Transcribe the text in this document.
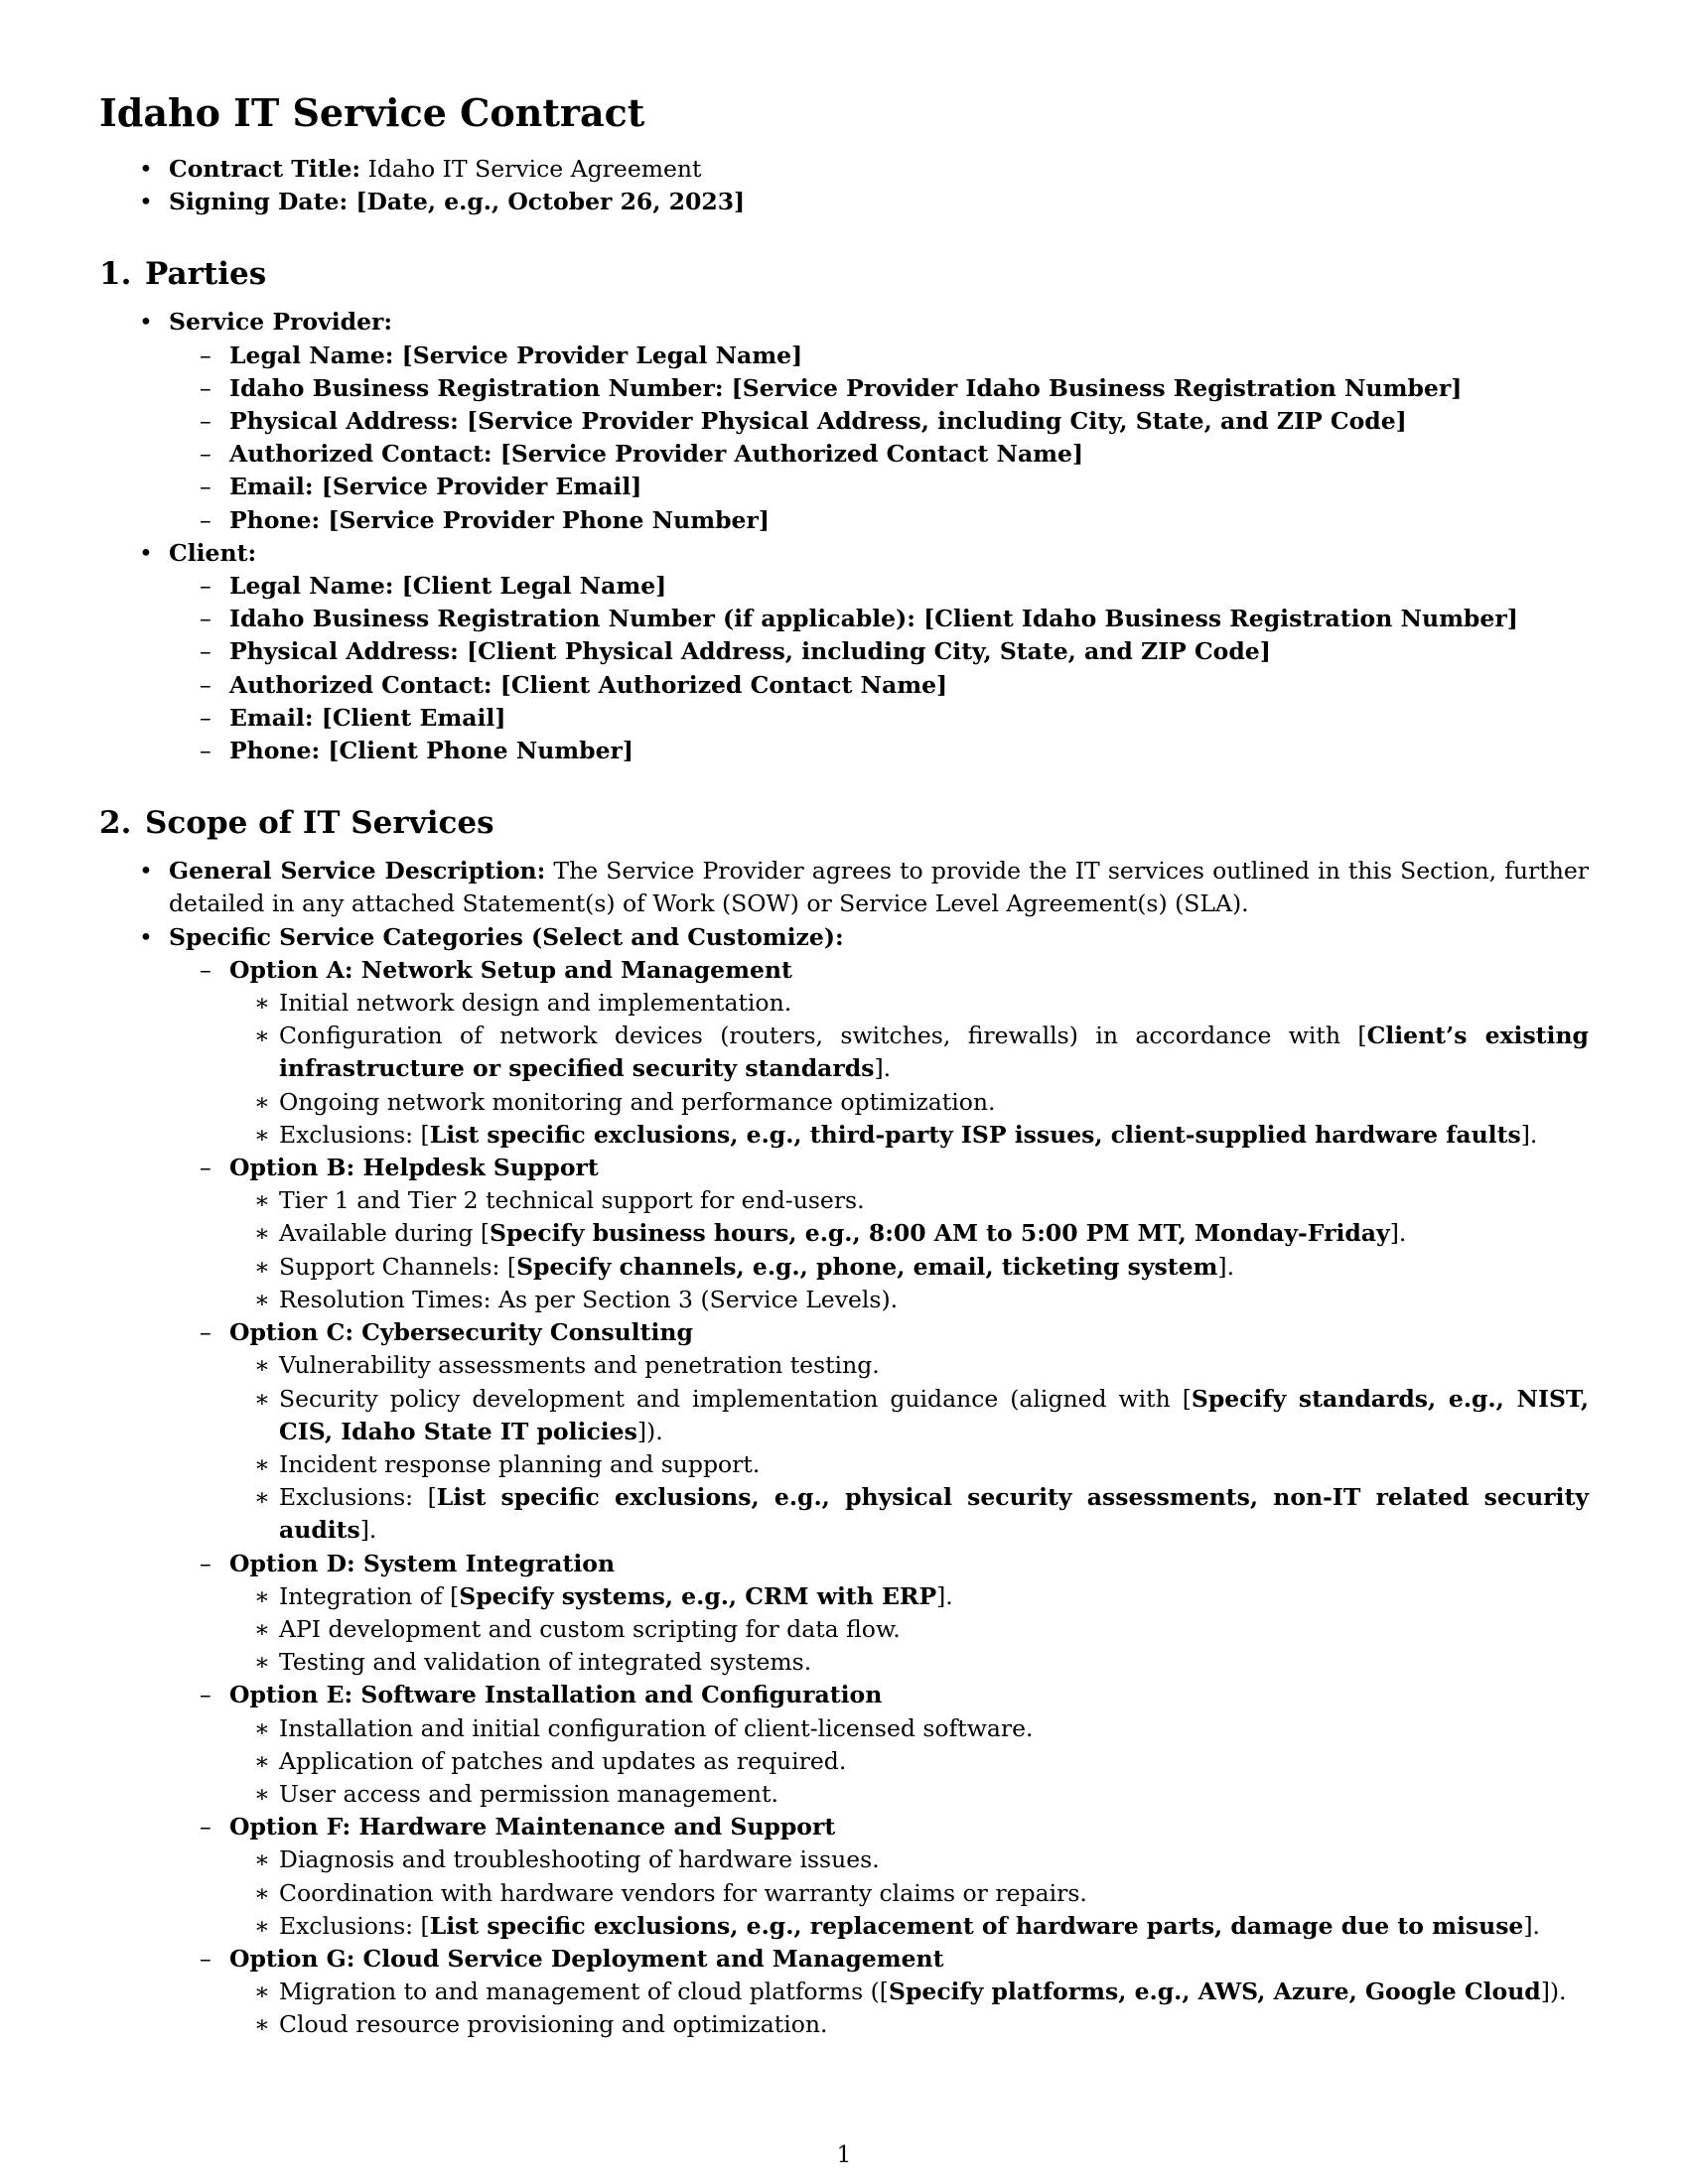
Idaho IT Service Contract
• Contract Title: Idaho IT Service Agreement
• Signing Date: [Date, e.g., October 26, 2023]
1. Parties
• Service Provider:
– Legal Name: [Service Provider Legal Name]
– Idaho Business Registration Number: [Service Provider Idaho Business Registration Number]
– Physical Address: [Service Provider Physical Address, including City, State, and ZIP Code]
– Authorized Contact: [Service Provider Authorized Contact Name]
– Email: [Service Provider Email]
– Phone: [Service Provider Phone Number]
• Client:
– Legal Name: [Client Legal Name]
– Idaho Business Registration Number (if applicable): [Client Idaho Business Registration Number]
– Physical Address: [Client Physical Address, including City, State, and ZIP Code]
– Authorized Contact: [Client Authorized Contact Name]
– Email: [Client Email]
– Phone: [Client Phone Number]
2. Scope of IT Services
• General Service Description: The Service Provider agrees to provide the IT services outlined in this Section, further detailed in any attached Statement(s) of Work (SOW) or Service Level Agreement(s) (SLA).
• Specific Service Categories (Select and Customize):
– Option A: Network Setup and Management
∗ Initial network design and implementation.
∗ Configuration of network devices (routers, switches, firewalls) in accordance with [Client’s existing infrastructure or specified security standards].
∗ Ongoing network monitoring and performance optimization.
∗ Exclusions: [List specific exclusions, e.g., third-party ISP issues, client-supplied hardware faults].
– Option B: Helpdesk Support
∗ Tier 1 and Tier 2 technical support for end-users.
∗ Available during [Specify business hours, e.g., 8:00 AM to 5:00 PM MT, Monday-Friday].
∗ Support Channels: [Specify channels, e.g., phone, email, ticketing system].
∗ Resolution Times: As per Section 3 (Service Levels).
– Option C: Cybersecurity Consulting
∗ Vulnerability assessments and penetration testing.
∗ Security policy development and implementation guidance (aligned with [Specify standards, e.g., NIST, CIS, Idaho State IT policies]).
∗ Incident response planning and support.
∗ Exclusions: [List specific exclusions, e.g., physical security assessments, non-IT related security audits].
– Option D: System Integration
∗ Integration of [Specify systems, e.g., CRM with ERP].
∗ API development and custom scripting for data flow.
∗ Testing and validation of integrated systems.
– Option E: Software Installation and Configuration
∗ Installation and initial configuration of client-licensed software.
∗ Application of patches and updates as required.
∗ User access and permission management.
– Option F: Hardware Maintenance and Support
∗ Diagnosis and troubleshooting of hardware issues.
∗ Coordination with hardware vendors for warranty claims or repairs.
∗ Exclusions: [List specific exclusions, e.g., replacement of hardware parts, damage due to misuse].
– Option G: Cloud Service Deployment and Management
∗ Migration to and management of cloud platforms ([Specify platforms, e.g., AWS, Azure, Google Cloud]).
∗ Cloud resource provisioning and optimization.
1
